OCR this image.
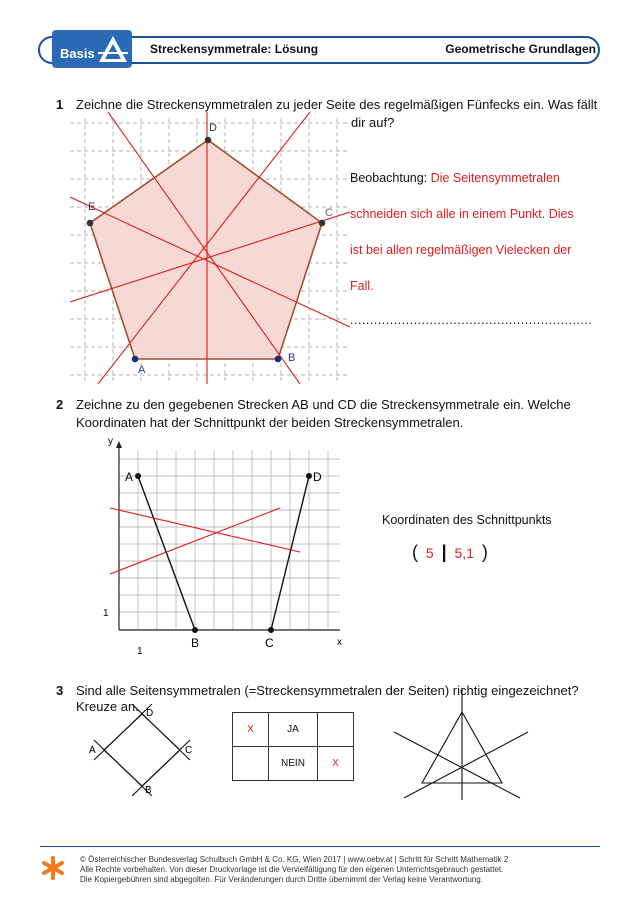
Basis	Streckensymmetrale: Lösung	Geometrische Grundlagen
1 Zeichne die Streckensymmetralen zu jeder Seite des regelmäßigen Fünfecks ein. Was fällt
dir auf?
A
B
C
D
E
Beobachtung: Die Seitensymmetralen
schneiden sich alle in einem Punkt. Dies
ist bei allen regelmäßigen Vielecken der
Fall.
.............................................................
2 Zeichne zu den gegebenen Strecken AB und CD die Streckensymmetrale ein. Welche
Koordinaten hat der Schnittpunkt der beiden Streckensymmetralen.
y
x
1
1
A
B	C
D
Koordinaten des Schnittpunkts
( 5 | 5,1 )
3 Sind alle Seitensymmetralen (=Streckensymmetralen der Seiten) richtig eingezeichnet?
Kreuze an. D
A	C
B
X	JA	
	NEIN	X
© Österreichischer Bundesverlag Schulbuch GmbH & Co. KG, Wien 2017 | www.oebv.at | Schritt für Schritt Mathematik 2
Alle Rechte vorbehalten. Von dieser Druckvorlage ist die Vervielfältigung für den eigenen Unterrichtsgebrauch gestattet.
Die Kopiergebühren sind abgegolten. Für Veränderungen durch Dritte übernimmt der Verlag keine Verantwortung.
